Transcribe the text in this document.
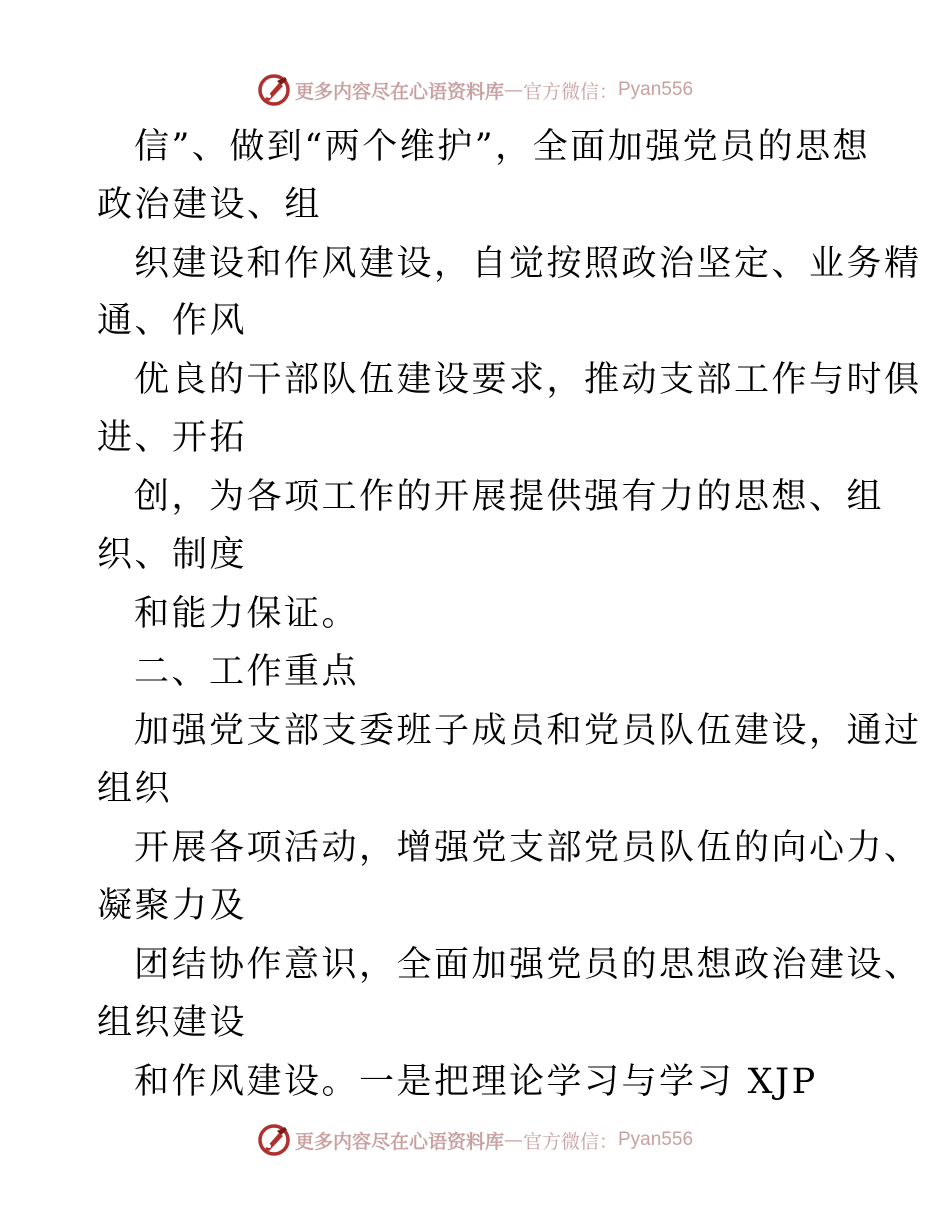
更多内容尽在心语资料库 — 官方微信： Pyan556
信”、做到“两个维护”，全面加强党员的思想
政治建设、组
织建设和作风建设，自觉按照政治坚定、业务精
通、作风
优良的干部队伍建设要求，推动支部工作与时俱
进、开拓
创，为各项工作的开展提供强有力的思想、组
织、制度
和能力保证。
二、工作重点
加强党支部支委班子成员和党员队伍建设，通过
组织
开展各项活动，增强党支部党员队伍的向心力、
凝聚力及
团结协作意识，全面加强党员的思想政治建设、
组织建设
和作风建设。一是把理论学习与学习 XJP
更多内容尽在心语资料库 — 官方微信： Pyan556
